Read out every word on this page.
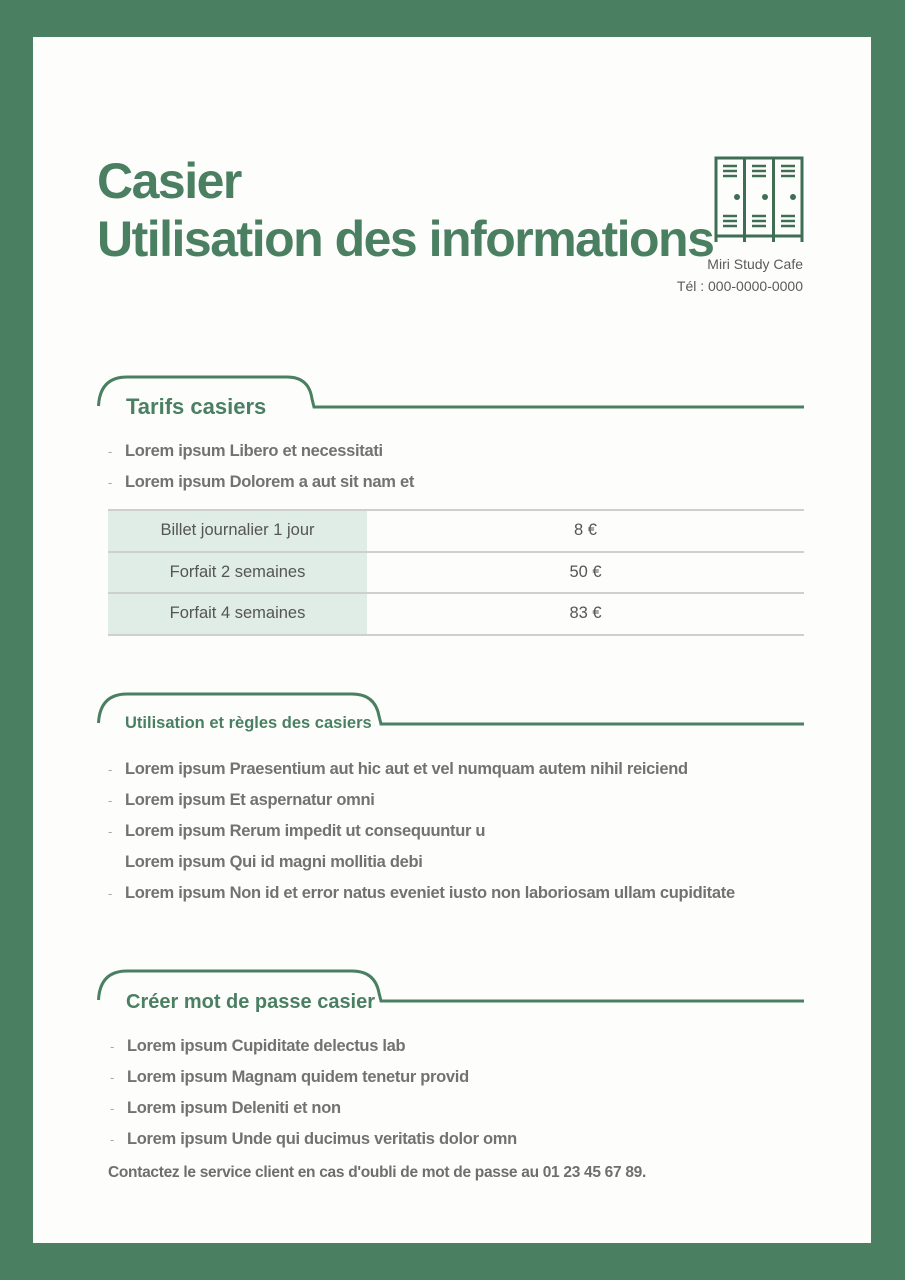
Casier
Utilisation des informations
Miri Study Cafe
Tél : 000-0000-0000
Tarifs casiers
- Lorem ipsum Libero et necessitati
- Lorem ipsum Dolorem a aut sit nam et
Billet journalier 1 jour	8 €
Forfait 2 semaines	50 €
Forfait 4 semaines	83 €
Utilisation et règles des casiers
- Lorem ipsum Praesentium aut hic aut et vel numquam autem nihil reiciend
- Lorem ipsum Et aspernatur omni
- Lorem ipsum Rerum impedit ut consequuntur u
Lorem ipsum Qui id magni mollitia debi
- Lorem ipsum Non id et error natus eveniet iusto non laboriosam ullam cupiditate
Créer mot de passe casier
- Lorem ipsum Cupiditate delectus lab
- Lorem ipsum Magnam quidem tenetur provid
- Lorem ipsum Deleniti et non
- Lorem ipsum Unde qui ducimus veritatis dolor omn
Contactez le service client en cas d'oubli de mot de passe au 01 23 45 67 89.
